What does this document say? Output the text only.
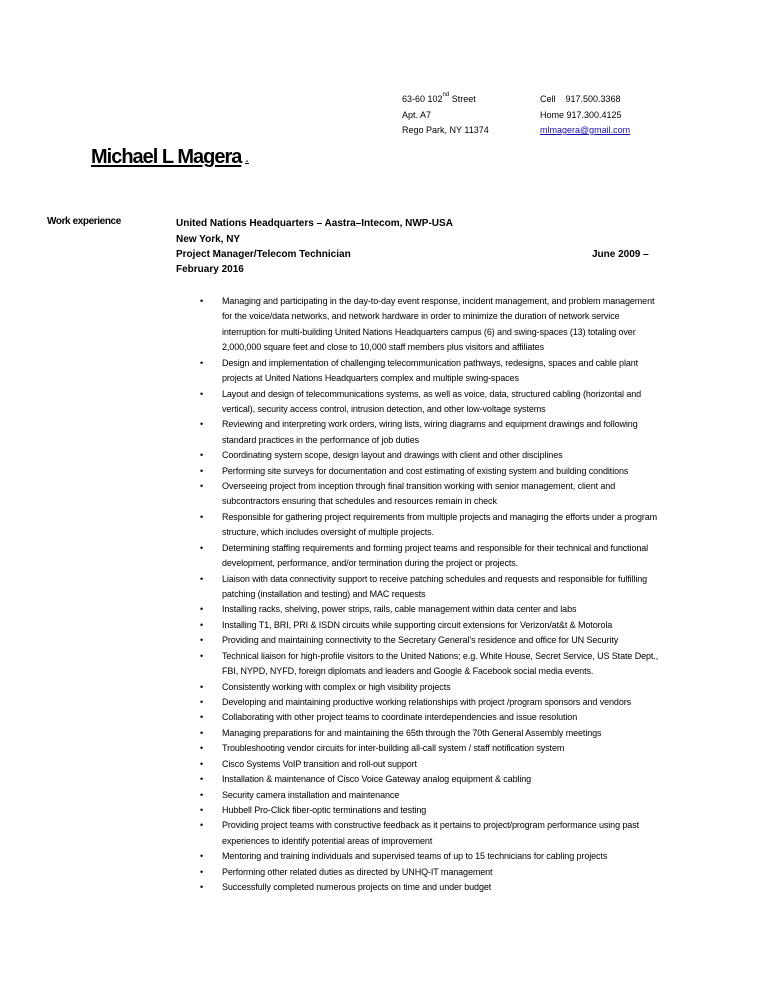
63-60 102nd Street
Apt. A7
Rego Park, NY 11374
Cell    917.500.3368
Home 917.300.4125
mlmagera@gmail.com
Michael L Magera .
Work experience	United Nations Headquarters – Aastra–Intecom, NWP-USA
New York, NY
Project Manager/Telecom Technician	June 2009 –
February 2016
• Managing and participating in the day-to-day event response, incident management, and problem management for the voice/data networks, and network hardware in order to minimize the duration of network service interruption for multi-building United Nations Headquarters campus (6) and swing-spaces (13) totaling over 2,000,000 square feet and close to 10,000 staff members plus visitors and affiliates
• Design and implementation of challenging telecommunication pathways, redesigns, spaces and cable plant projects at United Nations Headquarters complex and multiple swing-spaces
• Layout and design of telecommunications systems, as well as voice, data, structured cabling (horizontal and vertical), security access control, intrusion detection, and other low-voltage systems
• Reviewing and interpreting work orders, wiring lists, wiring diagrams and equipment drawings and following standard practices in the performance of job duties
• Coordinating system scope, design layout and drawings with client and other disciplines
• Performing site surveys for documentation and cost estimating of existing system and building conditions
• Overseeing project from inception through final transition working with senior management, client and subcontractors ensuring that schedules and resources remain in check
• Responsible for gathering project requirements from multiple projects and managing the efforts under a program structure, which includes oversight of multiple projects.
• Determining staffing requirements and forming project teams and responsible for their technical and functional development, performance, and/or termination during the project or projects.
• Liaison with data connectivity support to receive patching schedules and requests and responsible for fulfilling patching (installation and testing) and MAC requests
• Installing racks, shelving, power strips, rails, cable management within data center and labs
• Installing T1, BRI, PRI & ISDN circuits while supporting circuit extensions for Verizon/at&t & Motorola
• Providing and maintaining connectivity to the Secretary General’s residence and office for UN Security
• Technical liaison for high-profile visitors to the United Nations; e.g. White House, Secret Service, US State Dept., FBI, NYPD, NYFD, foreign diplomats and leaders and Google & Facebook social media events.
• Consistently working with complex or high visibility projects
• Developing and maintaining productive working relationships with project /program sponsors and vendors
• Collaborating with other project teams to coordinate interdependencies and issue resolution
• Managing preparations for and maintaining the 65th through the 70th General Assembly meetings
• Troubleshooting vendor circuits for inter-building all-call system / staff notification system
• Cisco Systems VoIP transition and roll-out support
• Installation & maintenance of Cisco Voice Gateway analog equipment & cabling
• Security camera installation and maintenance
• Hubbell Pro-Click fiber-optic terminations and testing
• Providing project teams with constructive feedback as it pertains to project/program performance using past experiences to identify potential areas of improvement
• Mentoring and training individuals and supervised teams of up to 15 technicians for cabling projects
• Performing other related duties as directed by UNHQ-IT management
• Successfully completed numerous projects on time and under budget
